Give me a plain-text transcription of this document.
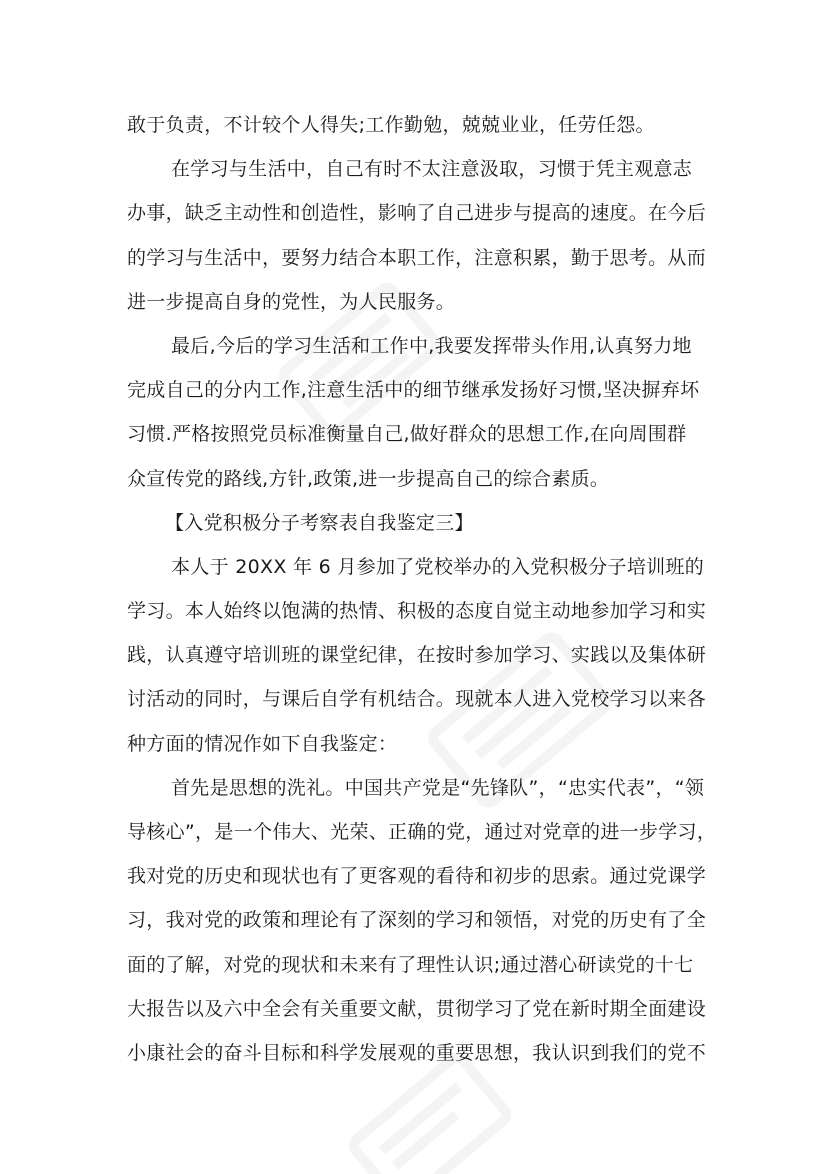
敢于负责，不计较个人得失;工作勤勉，兢兢业业，任劳任怨。
在学习与生活中，自己有时不太注意汲取，习惯于凭主观意志
办事，缺乏主动性和创造性，影响了自己进步与提高的速度。在今后
的学习与生活中，要努力结合本职工作，注意积累，勤于思考。从而
进一步提高自身的党性，为人民服务。
最后,今后的学习生活和工作中,我要发挥带头作用,认真努力地
完成自己的分内工作,注意生活中的细节继承发扬好习惯,坚决摒弃坏
习惯.严格按照党员标准衡量自己,做好群众的思想工作,在向周围群
众宣传党的路线,方针,政策,进一步提高自己的综合素质。
【入党积极分子考察表自我鉴定三】
本人于 20XX 年 6 月参加了党校举办的入党积极分子培训班的
学习。本人始终以饱满的热情、积极的态度自觉主动地参加学习和实
践，认真遵守培训班的课堂纪律，在按时参加学习、实践以及集体研
讨活动的同时，与课后自学有机结合。现就本人进入党校学习以来各
种方面的情况作如下自我鉴定：
首先是思想的洗礼。中国共产党是“先锋队”，“忠实代表”，“领
导核心”，是一个伟大、光荣、正确的党，通过对党章的进一步学习，
我对党的历史和现状也有了更客观的看待和初步的思索。通过党课学
习，我对党的政策和理论有了深刻的学习和领悟，对党的历史有了全
面的了解，对党的现状和未来有了理性认识;通过潜心研读党的十七
大报告以及六中全会有关重要文献，贯彻学习了党在新时期全面建设
小康社会的奋斗目标和科学发展观的重要思想，我认识到我们的党不
